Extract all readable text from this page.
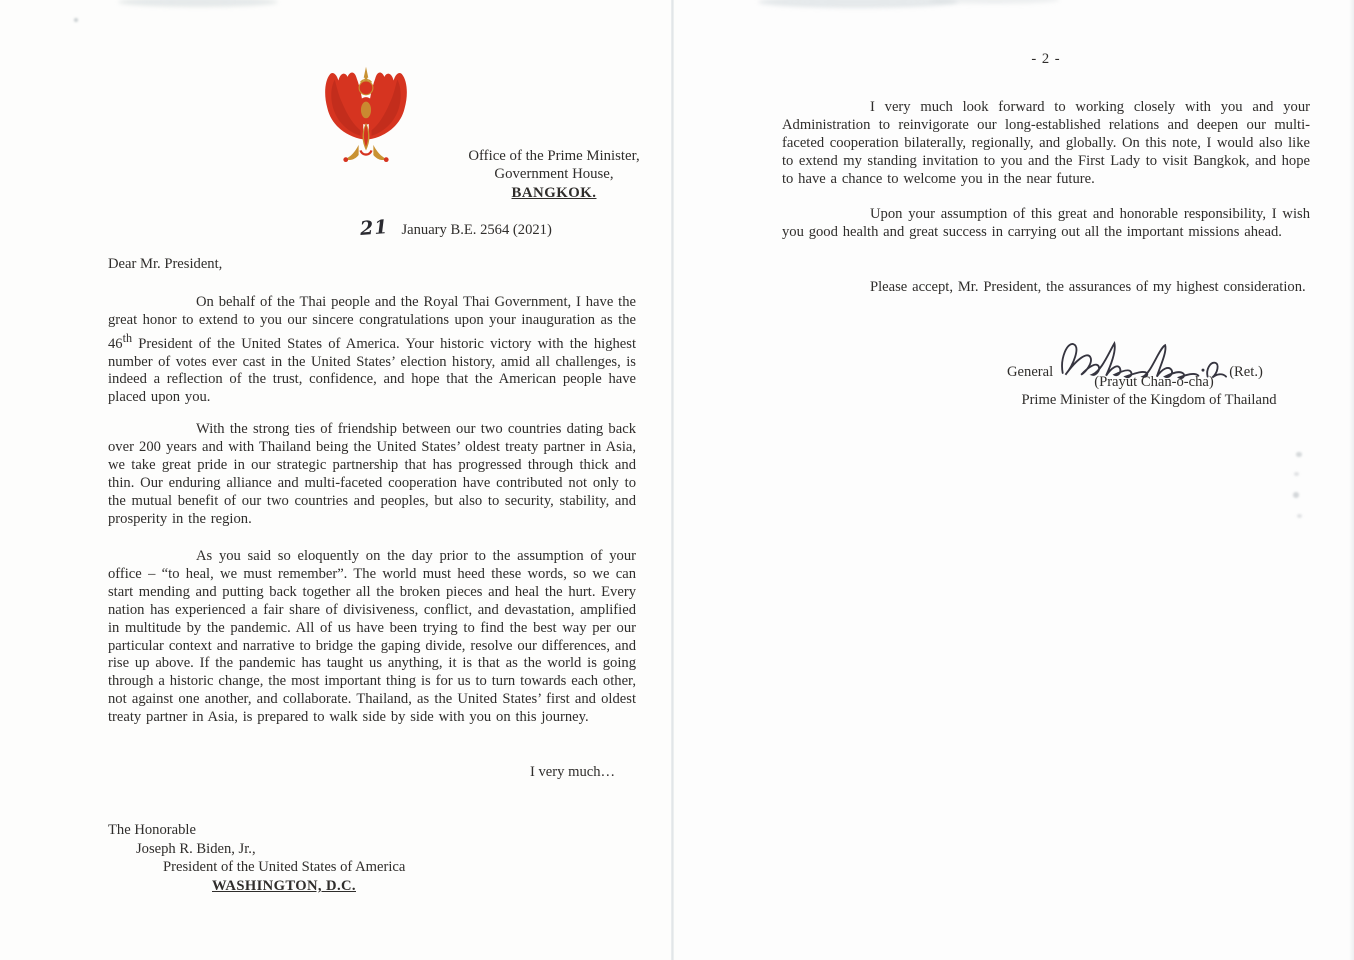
Office of the Prime Minister,
Government House,
BANGKOK.
21 January B.E. 2564 (2021)
Dear Mr. President,

On behalf of the Thai people and the Royal Thai Government, I have the great honor to extend to you our sincere congratulations upon your inauguration as the 46th President of the United States of America. Your historic victory with the highest number of votes ever cast in the United States’ election history, amid all challenges, is indeed a reflection of the trust, confidence, and hope that the American people have placed upon you.

With the strong ties of friendship between our two countries dating back over 200 years and with Thailand being the United States’ oldest treaty partner in Asia, we take great pride in our strategic partnership that has progressed through thick and thin. Our enduring alliance and multi-faceted cooperation have contributed not only to the mutual benefit of our two countries and peoples, but also to security, stability, and prosperity in the region.

As you said so eloquently on the day prior to the assumption of your office – “to heal, we must remember”. The world must heed these words, so we can start mending and putting back together all the broken pieces and heal the hurt. Every nation has experienced a fair share of divisiveness, conflict, and devastation, amplified in multitude by the pandemic. All of us have been trying to find the best way per our particular context and narrative to bridge the gaping divide, resolve our differences, and rise up above. If the pandemic has taught us anything, it is that as the world is going through a historic change, the most important thing is for us to turn towards each other, not against one another, and collaborate. Thailand, as the United States’ first and oldest treaty partner in Asia, is prepared to walk side by side with you on this journey.

I very much…
The Honorable
Joseph R. Biden, Jr.,
President of the United States of America
WASHINGTON, D.C.
- 2 -

I very much look forward to working closely with you and your Administration to reinvigorate our long-established relations and deepen our multi-faceted cooperation bilaterally, regionally, and globally. On this note, I would also like to extend my standing invitation to you and the First Lady to visit Bangkok, and hope to have a chance to welcome you in the near future.

Upon your assumption of this great and honorable responsibility, I wish you good health and great success in carrying out all the important missions ahead.

Please accept, Mr. President, the assurances of my highest consideration.

General	(Ret.)
(Prayut Chan-o-cha)
Prime Minister of the Kingdom of Thailand
